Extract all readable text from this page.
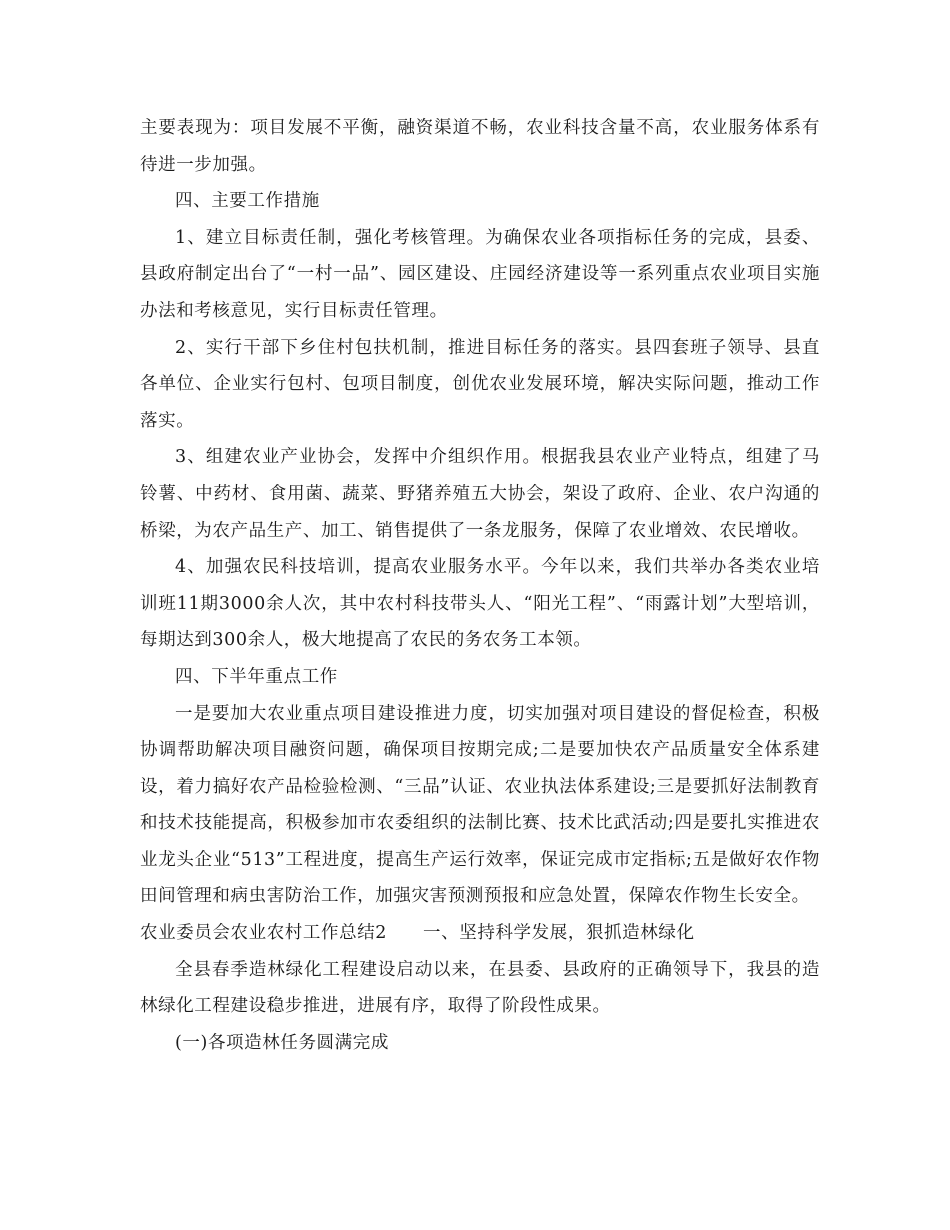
主要表现为：项目发展不平衡，融资渠道不畅，农业科技含量不高，农业服务体系有待进一步加强。

四、主要工作措施

1、建立目标责任制，强化考核管理。为确保农业各项指标任务的完成，县委、县政府制定出台了“一村一品”、园区建设、庄园经济建设等一系列重点农业项目实施办法和考核意见，实行目标责任管理。

2、实行干部下乡住村包扶机制，推进目标任务的落实。县四套班子领导、县直各单位、企业实行包村、包项目制度，创优农业发展环境，解决实际问题，推动工作落实。

3、组建农业产业协会，发挥中介组织作用。根据我县农业产业特点，组建了马铃薯、中药材、食用菌、蔬菜、野猪养殖五大协会，架设了政府、企业、农户沟通的桥梁，为农产品生产、加工、销售提供了一条龙服务，保障了农业增效、农民增收。

4、加强农民科技培训，提高农业服务水平。今年以来，我们共举办各类农业培训班11期3000余人次，其中农村科技带头人、“阳光工程”、“雨露计划”大型培训，每期达到300余人，极大地提高了农民的务农务工本领。

四、下半年重点工作

一是要加大农业重点项目建设推进力度，切实加强对项目建设的督促检查，积极协调帮助解决项目融资问题，确保项目按期完成;二是要加快农产品质量安全体系建设，着力搞好农产品检验检测、“三品”认证、农业执法体系建设;三是要抓好法制教育和技术技能提高，积极参加市农委组织的法制比赛、技术比武活动;四是要扎实推进农业龙头企业“513”工程进度，提高生产运行效率，保证完成市定指标;五是做好农作物田间管理和病虫害防治工作，加强灾害预测预报和应急处置，保障农作物生长安全。

农业委员会农业农村工作总结2 一、坚持科学发展，狠抓造林绿化

全县春季造林绿化工程建设启动以来，在县委、县政府的正确领导下，我县的造林绿化工程建设稳步推进，进展有序，取得了阶段性成果。

(一)各项造林任务圆满完成
